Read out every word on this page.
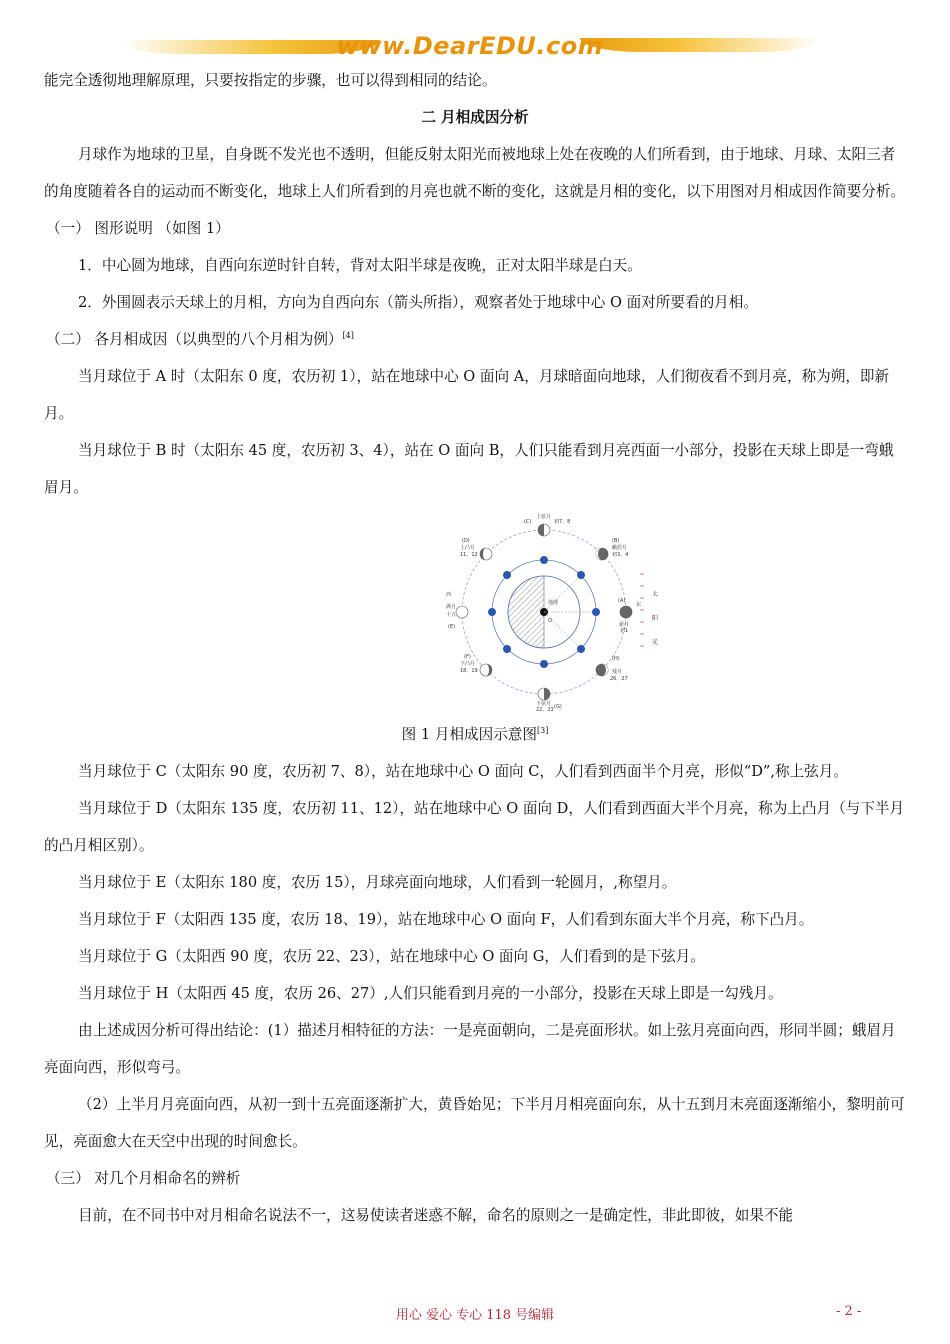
www.DearEDU.com

能完全透彻地理解原理，只要按指定的步骤，也可以得到相同的结论。

二 月相成因分析

月球作为地球的卫星，自身既不发光也不透明，但能反射太阳光而被地球上处在夜晚的人们所看到，由于地球、月球、太阳三者的角度随着各自的运动而不断变化，地球上人们所看到的月亮也就不断的变化，这就是月相的变化，以下用图对月相成因作简要分析。

（一） 图形说明 （如图 1）

1．中心圆为地球，自西向东逆时针自转，背对太阳半球是夜晚，正对太阳半球是白天。

2．外围圆表示天球上的月相，方向为自西向东（箭头所指），观察者处于地球中心 O 面对所要看的月相。

（二） 各月相成因（以典型的八个月相为例）[4]

当月球位于 A 时（太阳东 0 度，农历初 1），站在地球中心 O 面向 A，月球暗面向地球，人们彻夜看不到月亮，称为朔，即新月。

当月球位于 B 时（太阳东 45 度，农历初 3、4），站在 O 面向 B，人们只能看到月亮西面一小部分，投影在天球上即是一弯蛾眉月。

上弦月
(C)	初7、8
(B)
蛾眉月
初3、4
(D)
上凸月
11、12
满月
(E)
十五
(A)
新月
初1
(F)
下凸月
18、19
(H)
残月
26、27
下弦月
22、23 (G)
西
东
地球
O
太
阳
光

图 1 月相成因示意图[3]

当月球位于 C（太阳东 90 度，农历初 7、8），站在地球中心 O 面向 C，人们看到西面半个月亮，形似“D”,称上弦月。

当月球位于 D（太阳东 135 度，农历初 11、12），站在地球中心 O 面向 D，人们看到西面大半个月亮，称为上凸月（与下半月的凸月相区别）。

当月球位于 E（太阳东 180 度，农历 15），月球亮面向地球，人们看到一轮圆月，,称望月。

当月球位于 F（太阳西 135 度，农历 18、19），站在地球中心 O 面向 F，人们看到东面大半个月亮，称下凸月。

当月球位于 G（太阳西 90 度，农历 22、23），站在地球中心 O 面向 G，人们看到的是下弦月。

当月球位于 H（太阳西 45 度，农历 26、27）,人们只能看到月亮的一小部分，投影在天球上即是一勾残月。

由上述成因分析可得出结论：(1）描述月相特征的方法：一是亮面朝向，二是亮面形状。如上弦月亮面向西，形同半圆；蛾眉月亮面向西，形似弯弓。

（2）上半月月亮面向西，从初一到十五亮面逐渐扩大，黄昏始见；下半月月相亮面向东，从十五到月末亮面逐渐缩小，黎明前可见，亮面愈大在天空中出现的时间愈长。

（三） 对几个月相命名的辨析

目前，在不同书中对月相命名说法不一，这易使读者迷惑不解，命名的原则之一是确定性，非此即彼，如果不能

用心 爱心 专心 118 号编辑	- 2 -
